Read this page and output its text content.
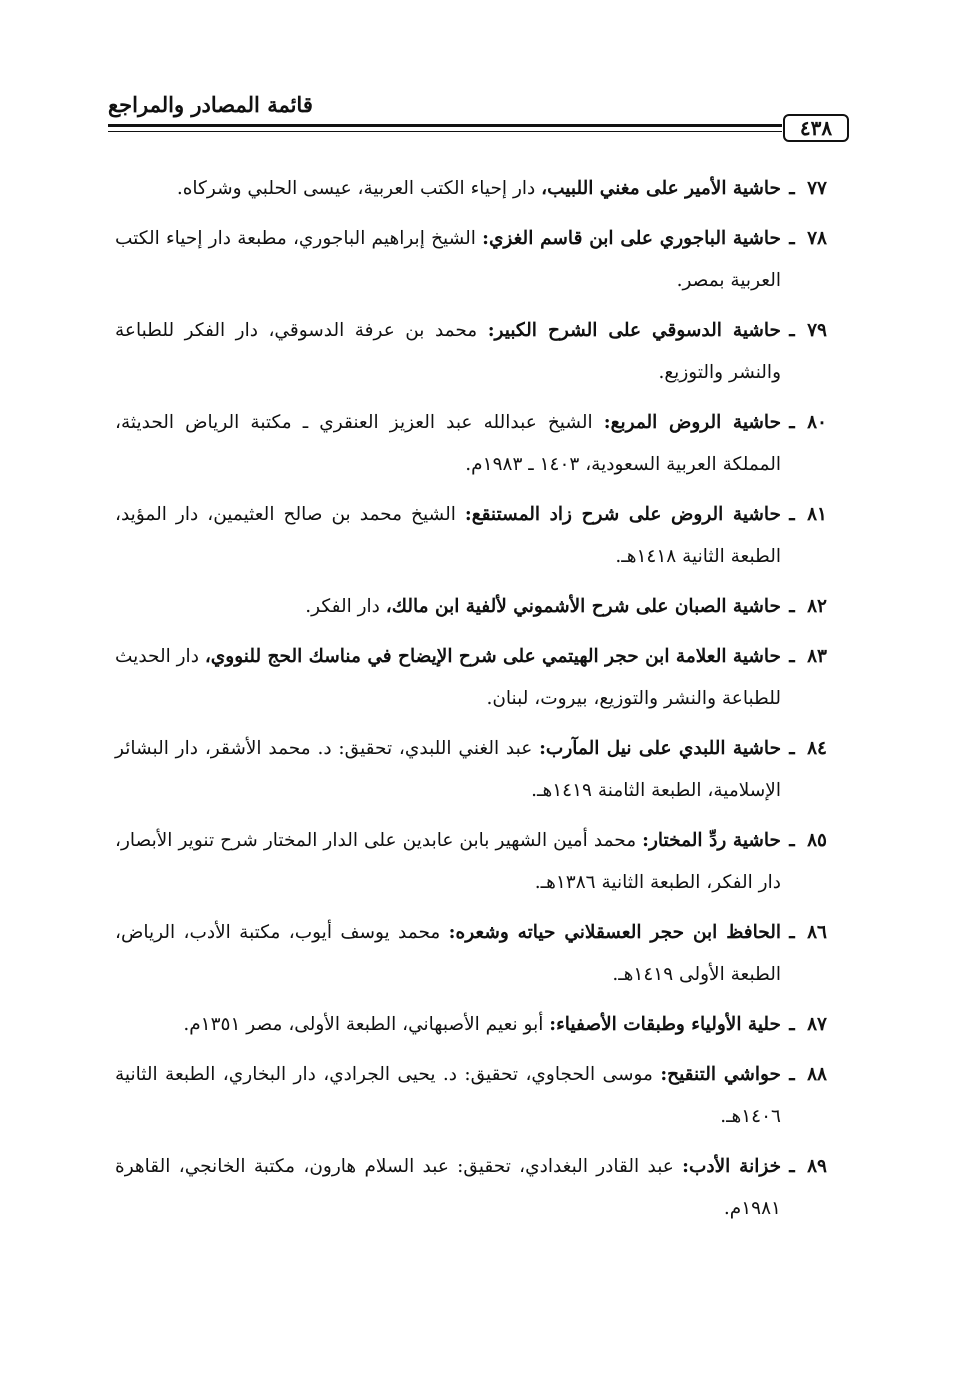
قائمة المصادر والمراجع
٤٣٨
٧٧
ـ
حاشية الأمير على مغني اللبيب، دار إحياء الكتب العربية، عيسى الحلبي وشركاه.
٧٨
ـ
حاشية الباجوري على ابن قاسم الغزي: الشيخ إبراهيم الباجوري، مطبعة دار إحياء الكتب العربية بمصر.
٧٩
ـ
حاشية الدسوقي على الشرح الكبير: محمد بن عرفة الدسوقي، دار الفكر للطباعة والنشر والتوزيع.
٨٠
ـ
حاشية الروض المربع: الشيخ عبدالله عبد العزيز العنقري ـ مكتبة الرياض الحديثة، المملكة العربية السعودية، ١٤٠٣ ـ ١٩٨٣م.
٨١
ـ
حاشية الروض على شرح زاد المستنقع: الشيخ محمد بن صالح العثيمين، دار المؤيد، الطبعة الثانية ١٤١٨هـ.
٨٢
ـ
حاشية الصبان على شرح الأشموني لألفية ابن مالك، دار الفكر.
٨٣
ـ
حاشية العلامة ابن حجر الهيتمي على شرح الإيضاح في مناسك الحج للنووي، دار الحديث للطباعة والنشر والتوزيع، بيروت، لبنان.
٨٤
ـ
حاشية اللبدي على نيل المآرب: عبد الغني اللبدي، تحقيق: د. محمد الأشقر، دار البشائر الإسلامية، الطبعة الثامنة ١٤١٩هـ.
٨٥
ـ
حاشية ردِّ المختار: محمد أمين الشهير بابن عابدين على الدار المختار شرح تنوير الأبصار، دار الفكر، الطبعة الثانية ١٣٨٦هـ.
٨٦
ـ
الحافظ ابن حجر العسقلاني حياته وشعره: محمد يوسف أيوب، مكتبة الأدب، الرياض، الطبعة الأولى ١٤١٩هـ.
٨٧
ـ
حلية الأولياء وطبقات الأصفياء: أبو نعيم الأصبهاني، الطبعة الأولى، مصر ١٣٥١م.
٨٨
ـ
حواشي التنقيح: موسى الحجاوي، تحقيق: د. يحيى الجرادي، دار البخاري، الطبعة الثانية ١٤٠٦هـ.
٨٩
ـ
خزانة الأدب: عبد القادر البغدادي، تحقيق: عبد السلام هارون، مكتبة الخانجي، القاهرة ١٩٨١م.
